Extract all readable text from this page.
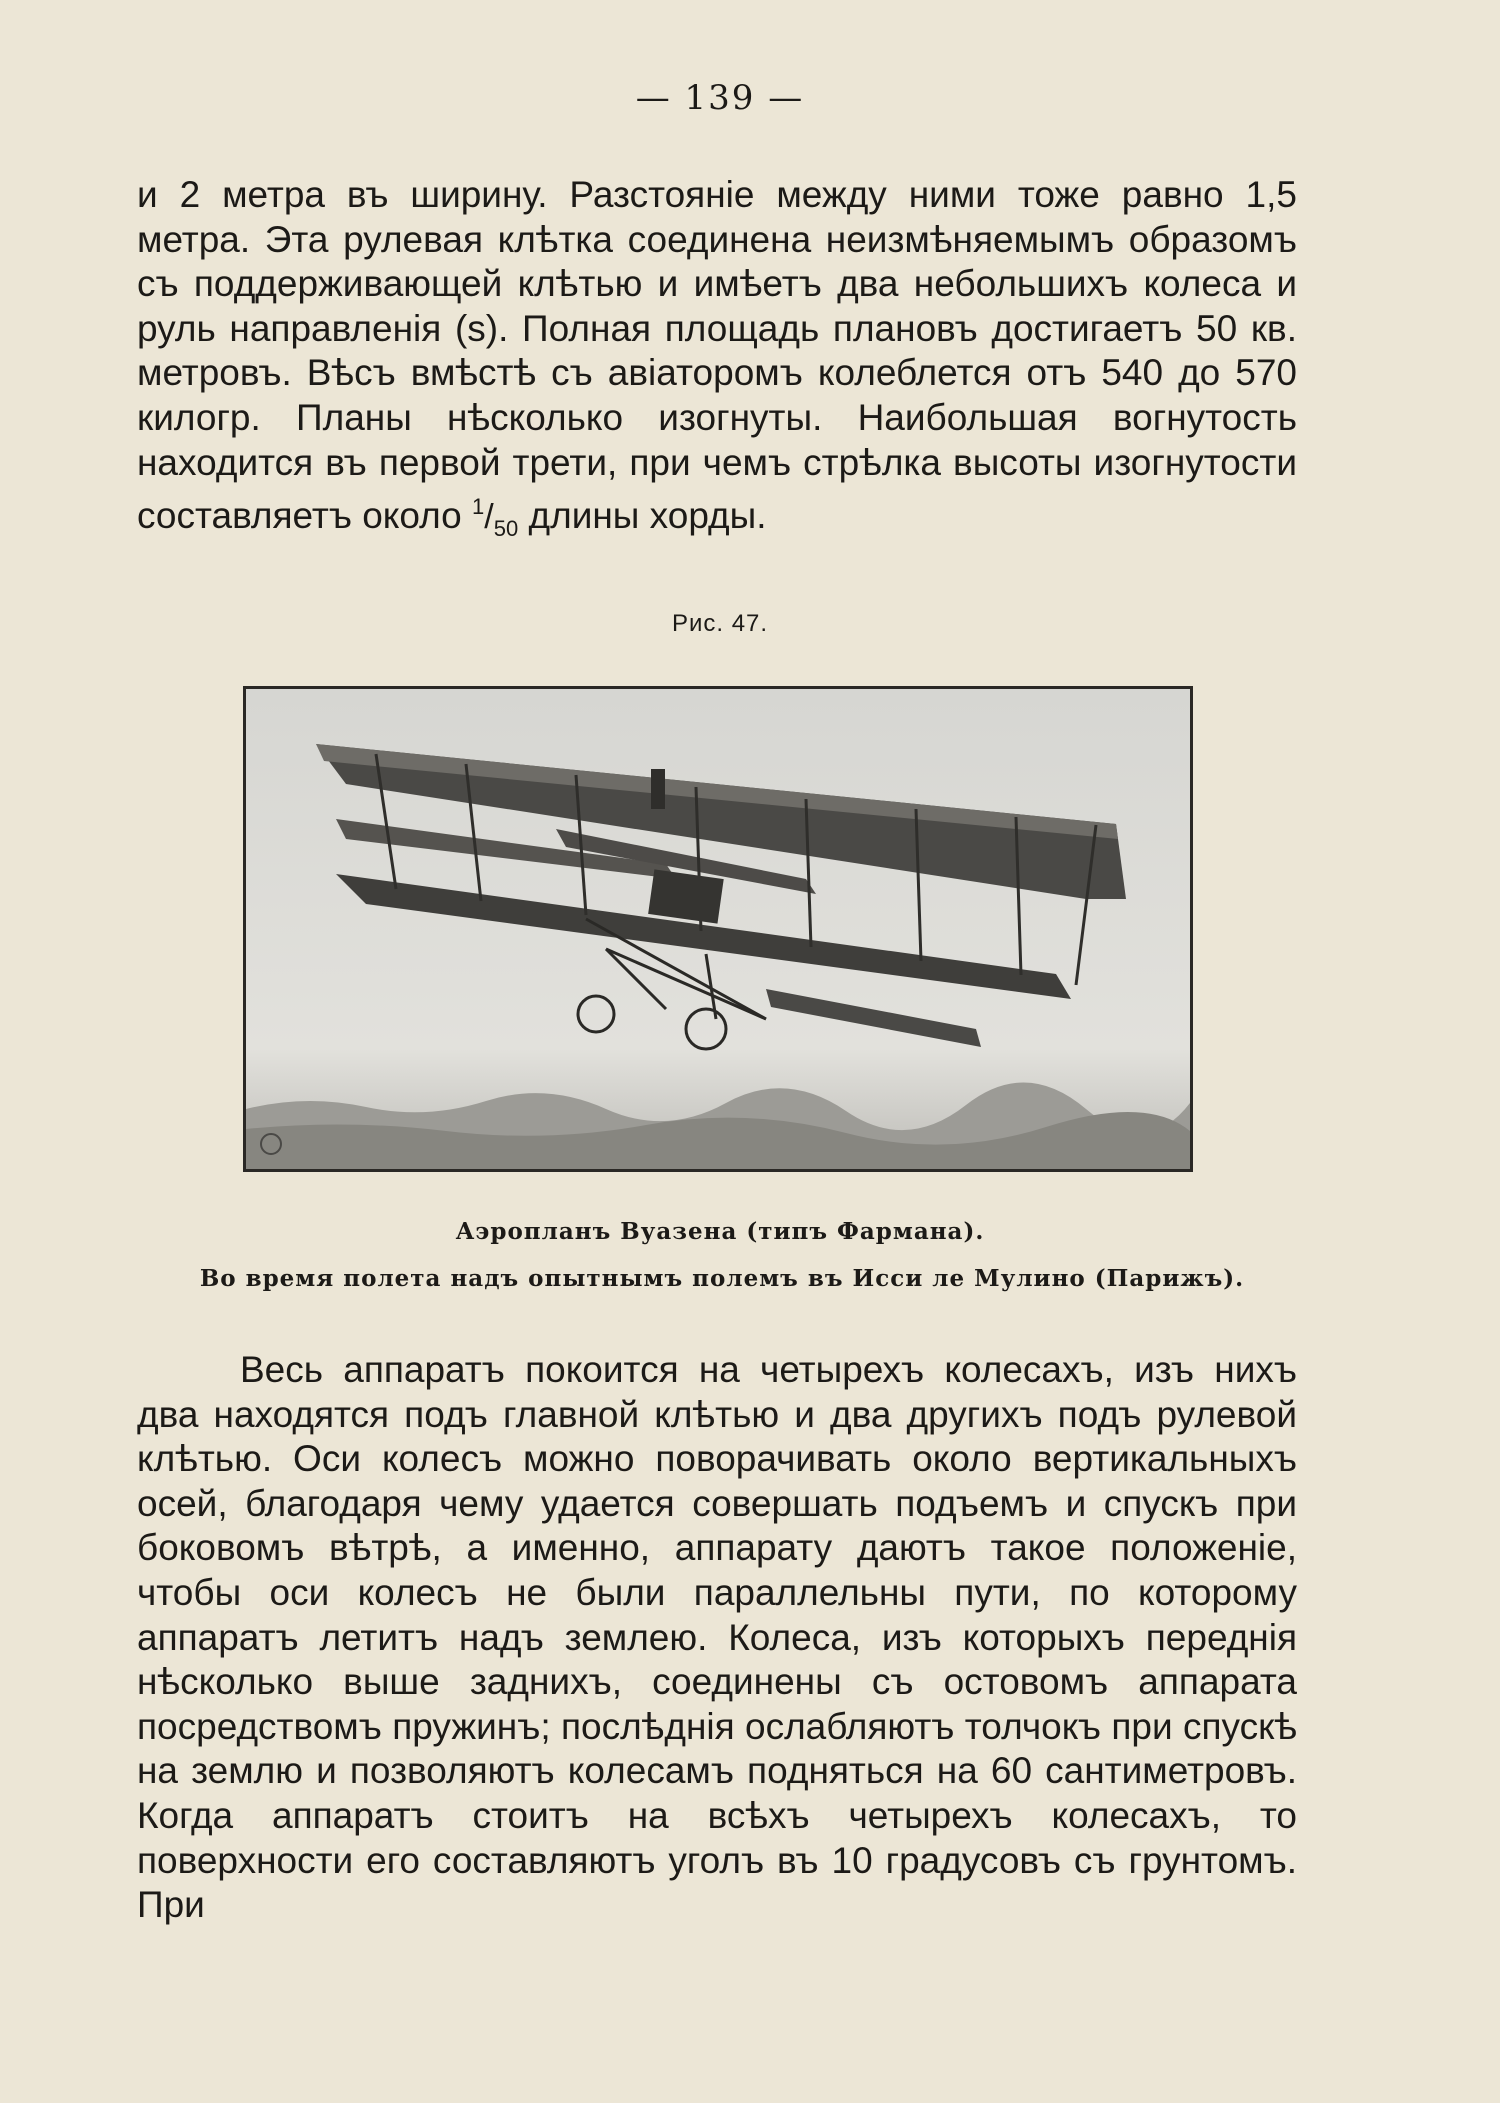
— 139 —

и 2 метра въ ширину. Разстояніе между ними тоже равно 1,5 метра. Эта рулевая клѣтка соединена неизмѣняемымъ образомъ съ поддерживающей клѣтью и имѣетъ два небольшихъ колеса и руль направленія (s). Полная площадь плановъ достигаетъ 50 кв. метровъ. Вѣсъ вмѣстѣ съ авіаторомъ колеблется отъ 540 до 570 килогр. Планы нѣсколько изогнуты. Наибольшая вогнутость находится въ первой трети, при чемъ стрѣлка высоты изогнутости составляетъ около $^1/_{50}$ длины хорды.

Рис. 47.
Аэропланъ Вуазена (типъ Фармана).
Во время полета надъ опытнымъ полемъ въ Исси ле Мулино (Парижъ).

Весь аппаратъ покоится на четырехъ колесахъ, изъ нихъ два находятся подъ главной клѣтью и два другихъ подъ рулевой клѣтью. Оси колесъ можно поворачивать около вертикальныхъ осей, благодаря чему удается совершать подъемъ и спускъ при боковомъ вѣтрѣ, а именно, аппарату даютъ такое положеніе, чтобы оси колесъ не были параллельны пути, по которому аппаратъ летитъ надъ землею. Колеса, изъ которыхъ переднія нѣсколько выше заднихъ, соединены съ остовомъ аппарата посредствомъ пружинъ; послѣднія ослабляютъ толчокъ при спускѣ на землю и позволяютъ колесамъ подняться на 60 сантиметровъ. Когда аппаратъ стоитъ на всѣхъ четырехъ колесахъ, то поверхности его составляютъ уголъ въ 10 градусовъ съ грунтомъ. При
